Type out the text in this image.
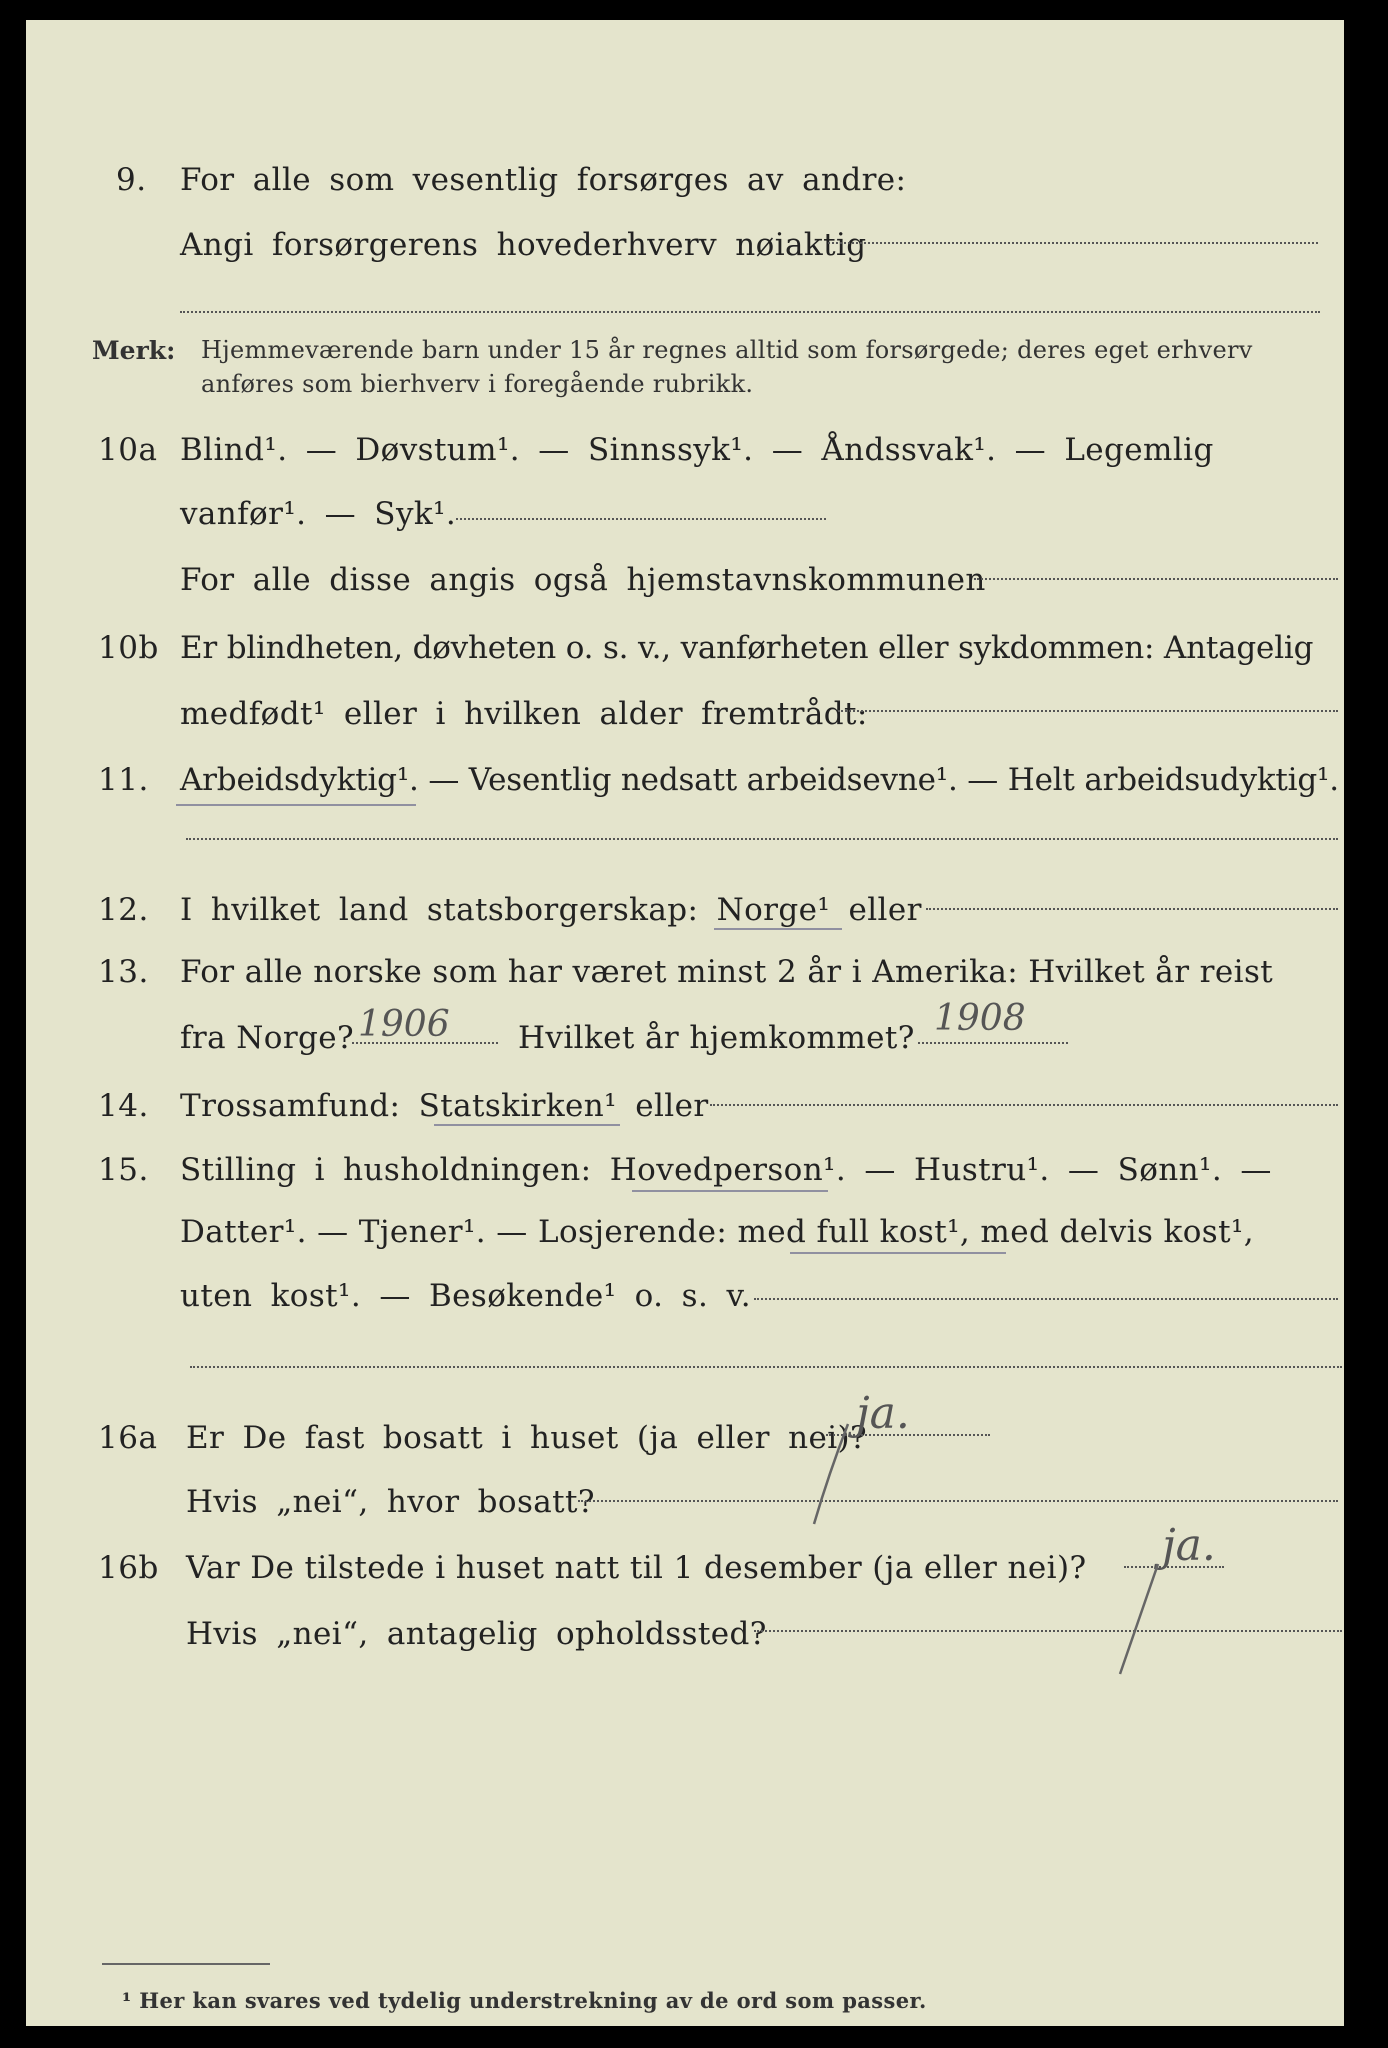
9.	For alle som vesentlig forsørges av andre:
Angi forsørgerens hovederhverv nøiaktig
Merk: Hjemmeværende barn under 15 år regnes alltid som forsørgede; deres eget erhverv
anføres som bierhverv i foregående rubrikk.
10a Blind¹. — Døvstum¹. — Sinnssyk¹. — Åndssvak¹. — Legemlig
vanfør¹. — Syk¹.
For alle disse angis også hjemstavnskommunen
10b Er blindheten, døvheten o. s. v., vanførheten eller sykdommen: Antagelig
medfødt¹ eller i hvilken alder fremtrådt:
11.	Arbeidsdyktig¹. — Vesentlig nedsatt arbeidsevne¹. — Helt arbeidsudyktig¹.
12.	I hvilket land statsborgerskap: Norge¹ eller
13.	For alle norske som har været minst 2 år i Amerika: Hvilket år reist
fra Norge?	Hvilket år hjemkommet?
1906	1908
14.	Trossamfund: Statskirken¹ eller
15.	Stilling i husholdningen: Hovedperson¹. — Hustru¹. — Sønn¹. —
Datter¹. — Tjener¹. — Losjerende: med full kost¹, med delvis kost¹,
uten kost¹. — Besøkende¹ o. s. v.
16a Er De fast bosatt i huset (ja eller nei)?
ja.
Hvis „nei“, hvor bosatt?
16b Var De tilstede i huset natt til 1 desember (ja eller nei)? ja.
Hvis „nei“, antagelig opholdssted?
¹ Her kan svares ved tydelig understrekning av de ord som passer.
